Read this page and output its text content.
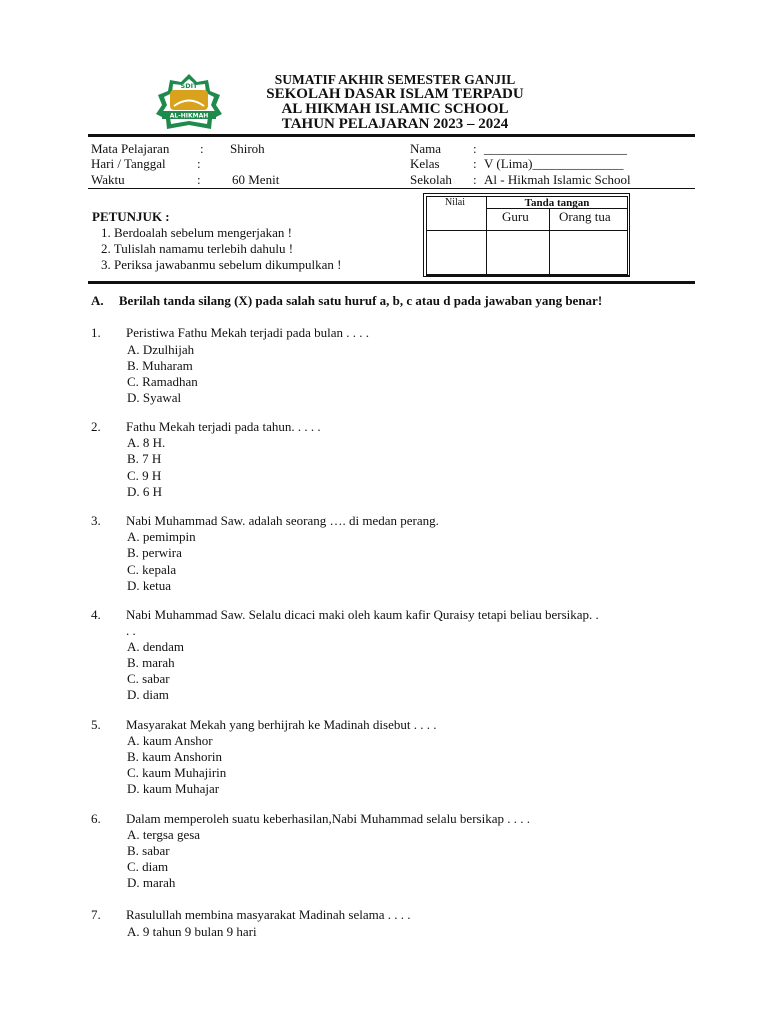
SDIT
AL-HIKMAH
SUMATIF AKHIR SEMESTER GANJIL
SEKOLAH DASAR ISLAM TERPADU
AL HIKMAH ISLAMIC SCHOOL
TAHUN PELAJARAN 2023 – 2024
Mata Pelajaran : Shiroh
Hari / Tanggal :
Waktu	: 60 Menit
Nama : ______________________
Kelas	: V (Lima)______________
Sekolah : Al - Hikmah Islamic School
PETUNJUK :
1. Berdoalah sebelum mengerjakan !
2. Tulislah namamu terlebih dahulu !
3. Periksa jawabanmu sebelum dikumpulkan !
Nilai	Tanda tangan
Guru Orang tua
A. Berilah tanda silang (X) pada salah satu huruf a, b, c atau d pada jawaban yang benar!
1. Peristiwa Fathu Mekah terjadi pada bulan . . . .
A. Dzulhijah
B. Muharam
C. Ramadhan
D. Syawal
2. Fathu Mekah terjadi pada tahun. . . . .
A. 8 H.
B. 7 H
C. 9 H
D. 6 H
3. Nabi Muhammad Saw. adalah seorang …. di medan perang.
A. pemimpin
B. perwira
C. kepala
D. ketua
4. Nabi Muhammad Saw. Selalu dicaci maki oleh kaum kafir Quraisy tetapi beliau bersikap. .
. .
A. dendam
B. marah
C. sabar
D. diam
5. Masyarakat Mekah yang berhijrah ke Madinah disebut . . . .
A. kaum Anshor
B. kaum Anshorin
C. kaum Muhajirin
D. kaum Muhajar
6. Dalam memperoleh suatu keberhasilan,Nabi Muhammad selalu bersikap . . . .
A. tergsa gesa
B. sabar
C. diam
D. marah
7. Rasulullah membina masyarakat Madinah selama . . . .
A. 9 tahun 9 bulan 9 hari
